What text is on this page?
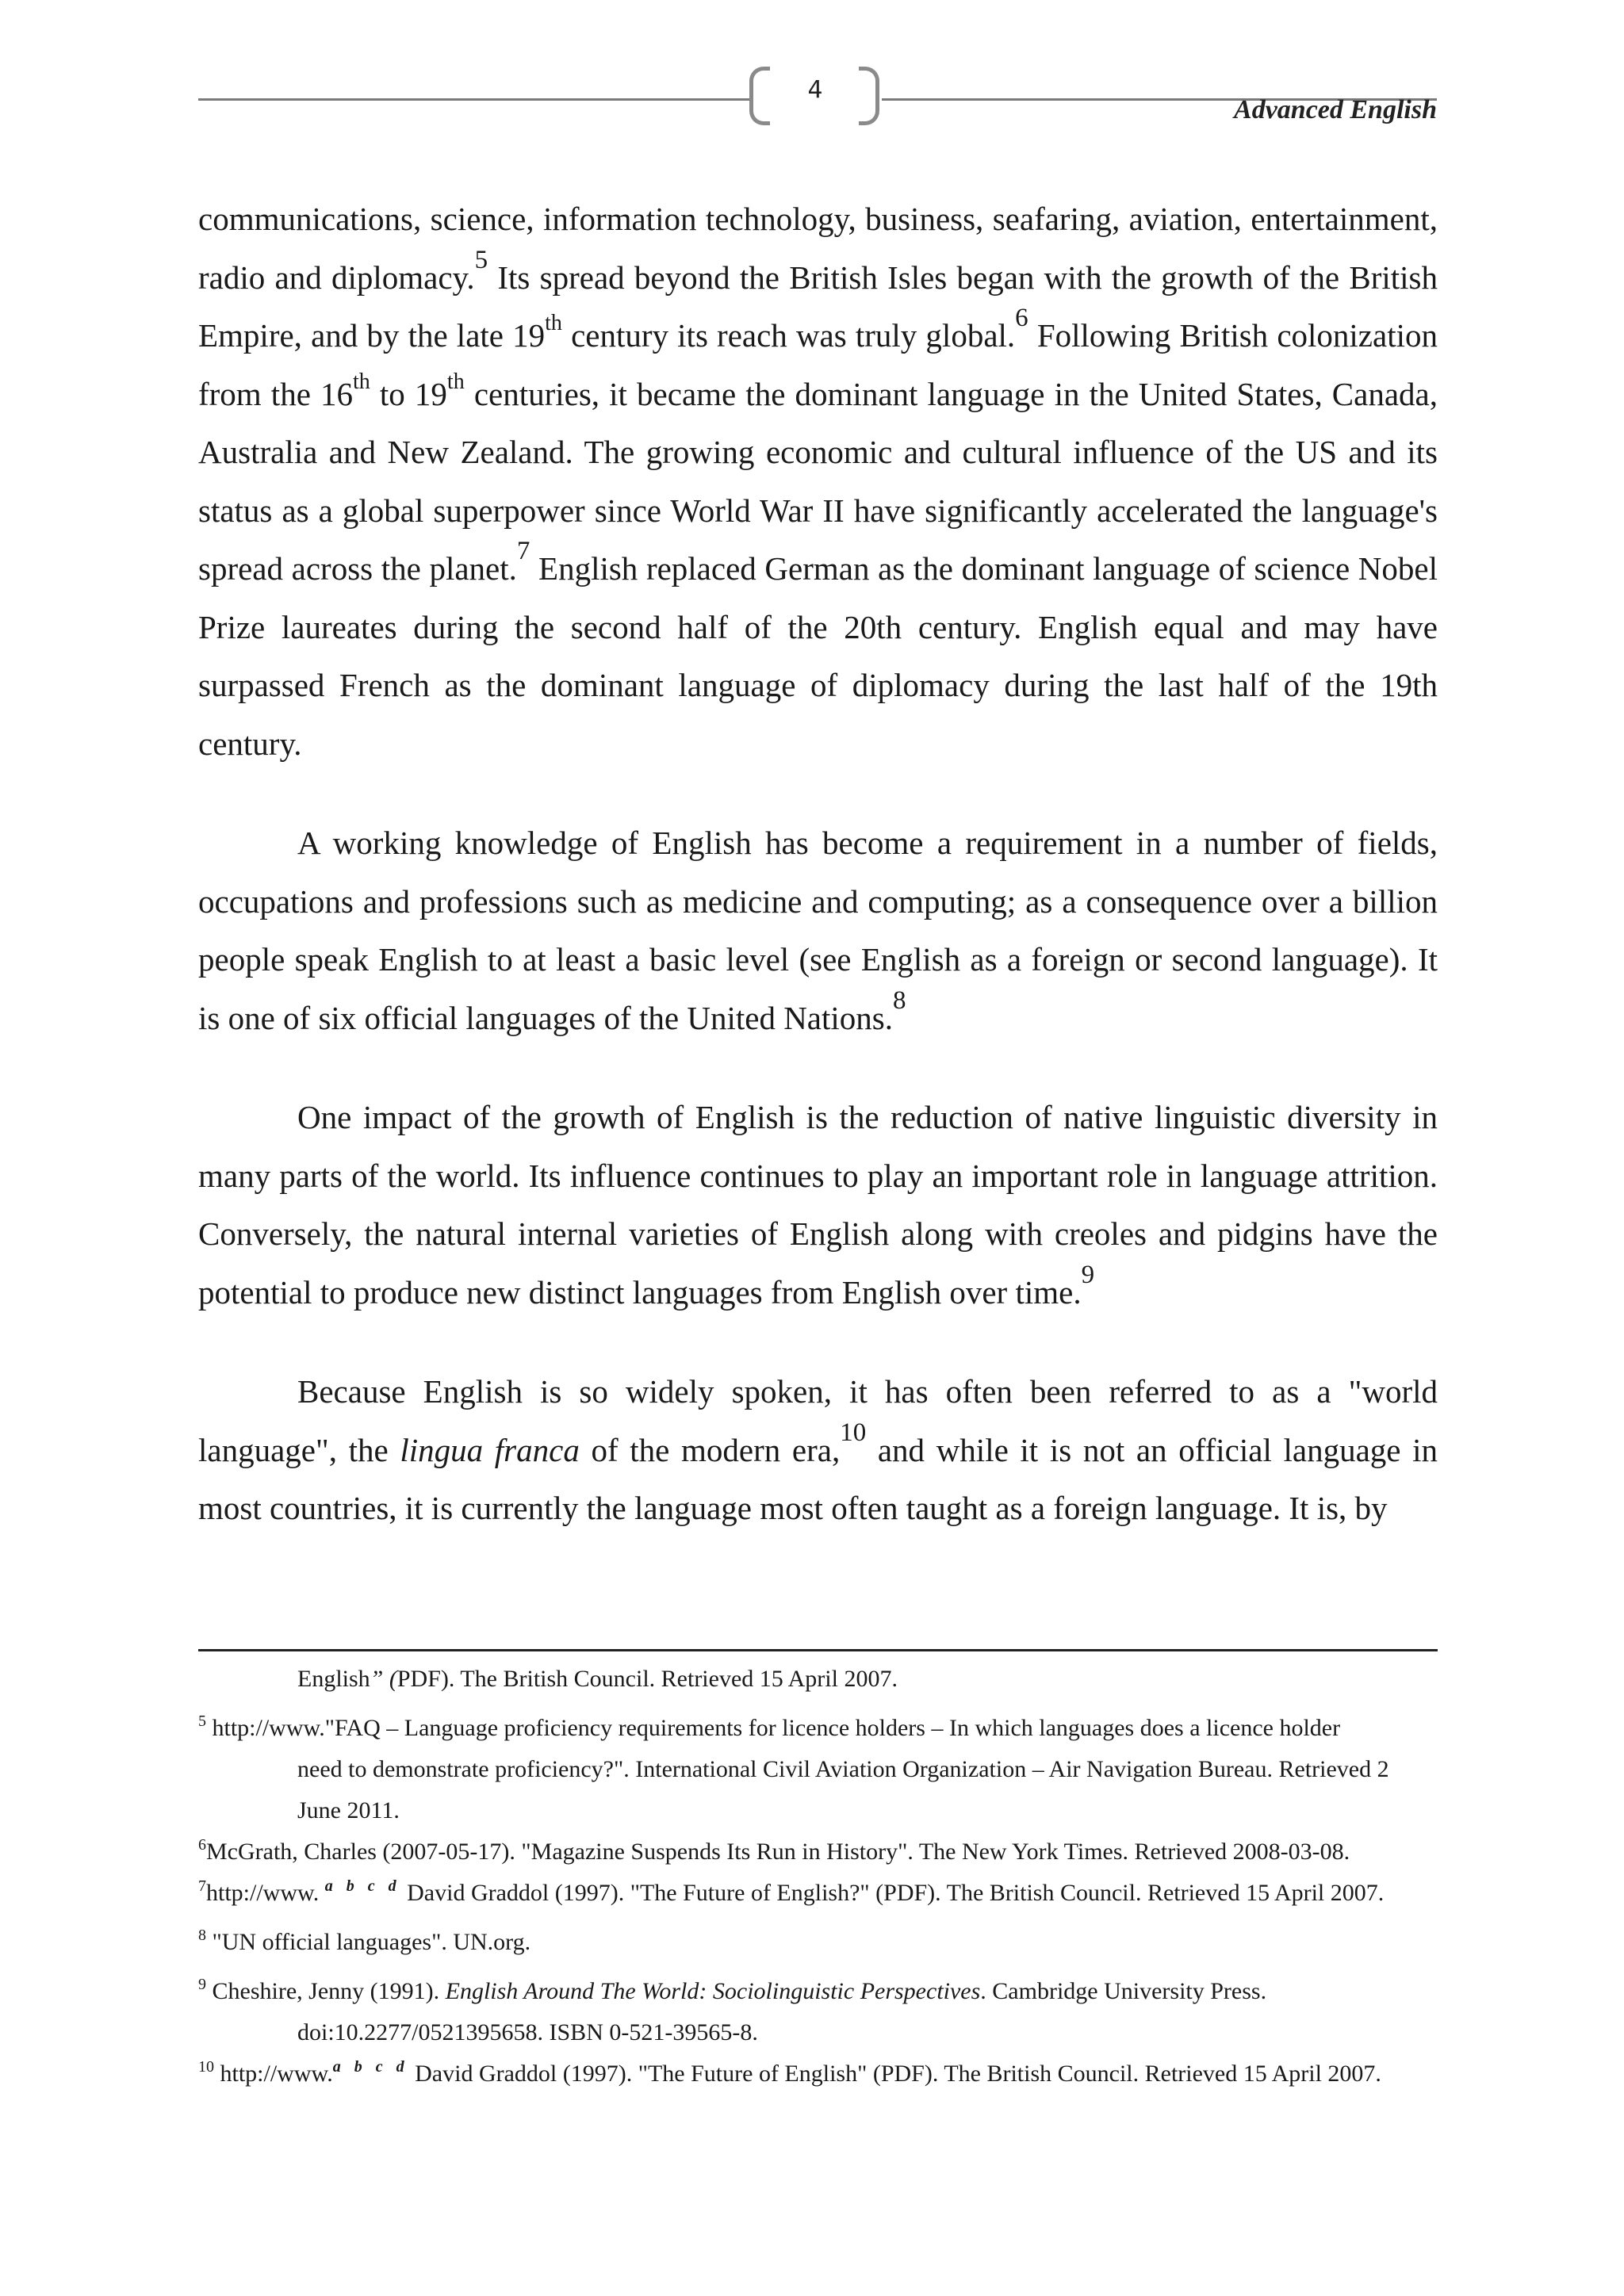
4
Advanced English

communications, science, information technology, business, seafaring, aviation, entertainment, radio and diplomacy.$^5$ Its spread beyond the British Isles began with the growth of the British Empire, and by the late 19th century its reach was truly global.$^6$ Following British colonization from the 16th to 19th centuries, it became the dominant language in the United States, Canada, Australia and New Zealand. The growing economic and cultural influence of the US and its status as a global superpower since World War II have significantly accelerated the language's spread across the planet.$^7$ English replaced German as the dominant language of science Nobel Prize laureates during the second half of the 20th century. English equal and may have surpassed French as the dominant language of diplomacy during the last half of the 19th century.

A working knowledge of English has become a requirement in a number of fields, occupations and professions such as medicine and computing; as a consequence over a billion people speak English to at least a basic level (see English as a foreign or second language). It is one of six official languages of the United Nations.$^8$

One impact of the growth of English is the reduction of native linguistic diversity in many parts of the world. Its influence continues to play an important role in language attrition. Conversely, the natural internal varieties of English along with creoles and pidgins have the potential to produce new distinct languages from English over time.$^9$

Because English is so widely spoken, it has often been referred to as a "world language", the lingua franca of the modern era,$^{10}$ and while it is not an official language in most countries, it is currently the language most often taught as a foreign language. It is, by

English” (PDF). The British Council. Retrieved 15 April 2007.

$^5$ http://www."FAQ – Language proficiency requirements for licence holders – In which languages does a licence holder

need to demonstrate proficiency?". International Civil Aviation Organization – Air Navigation Bureau. Retrieved 2

June 2011.

$^6$McGrath, Charles (2007-05-17). "Magazine Suspends Its Run in History". The New York Times. Retrieved 2008-03-08.

$^7$http://www. $^{a b c d}$ David Graddol (1997). "The Future of English?" (PDF). The British Council. Retrieved 15 April 2007.

$^8$ "UN official languages". UN.org.

$^9$ Cheshire, Jenny (1991). English Around The World: Sociolinguistic Perspectives. Cambridge University Press.

doi:10.2277/0521395658. ISBN 0-521-39565-8.

$^{10}$ http://www.$^{a b c d}$ David Graddol (1997). "The Future of English" (PDF). The British Council. Retrieved 15 April 2007.
